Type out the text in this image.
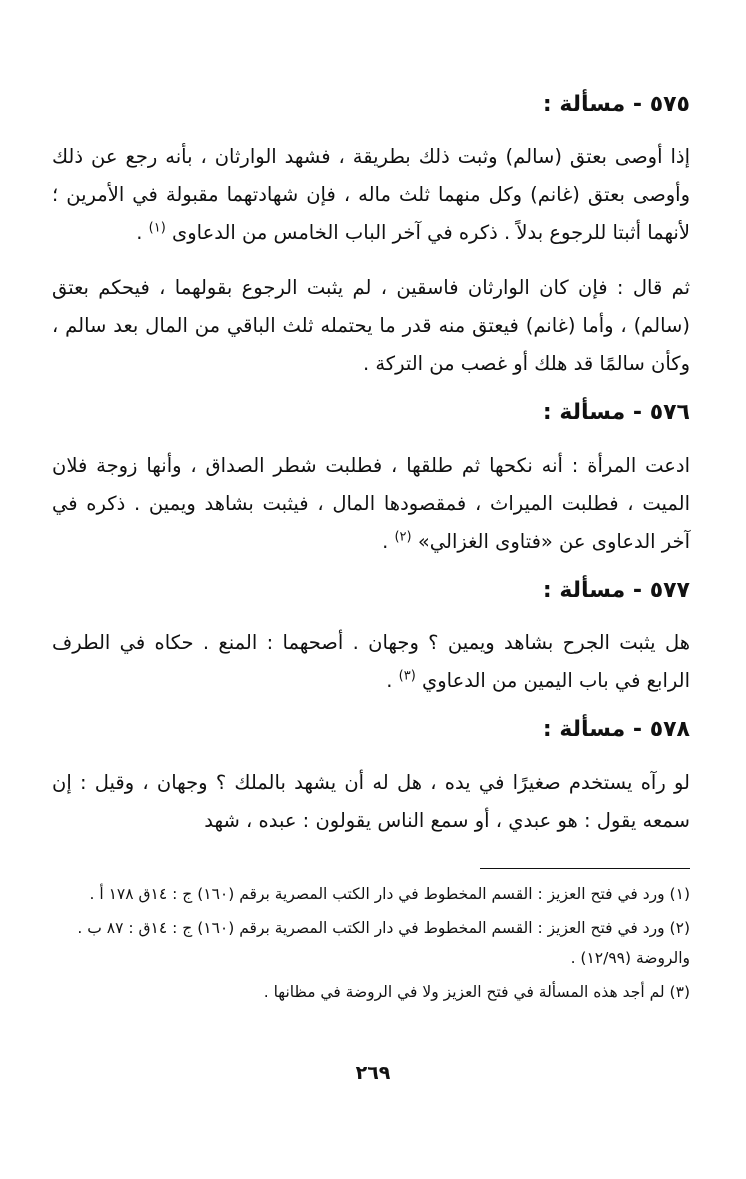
٥٧٥ - مسألة :

إذا أوصى بعتق (سالم) وثبت ذلك بطريقة ، فشهد الوارثان ، بأنه رجع عن ذلك وأوصى بعتق (غانم) وكل منهما ثلث ماله ، فإن شهادتهما مقبولة في الأمرين ؛ لأنهما أثبتا للرجوع بدلاً . ذكره في آخر الباب الخامس من الدعاوى $^{(١)}$ .

ثم قال : فإن كان الوارثان فاسقين ، لم يثبت الرجوع بقولهما ، فيحكم بعتق (سالم) ، وأما (غانم) فيعتق منه قدر ما يحتمله ثلث الباقي من المال بعد سالم ، وكأن سالمًا قد هلك أو غصب من التركة .

٥٧٦ - مسألة :

ادعت المرأة : أنه نكحها ثم طلقها ، فطلبت شطر الصداق ، وأنها زوجة فلان الميت ، فطلبت الميراث ، فمقصودها المال ، فيثبت بشاهد ويمين . ذكره في آخر الدعاوى عن «فتاوى الغزالي» $^{(٢)}$ .

٥٧٧ - مسألة :

هل يثبت الجرح بشاهد ويمين ؟ وجهان . أصحهما : المنع . حكاه في الطرف الرابع في باب اليمين من الدعاوي $^{(٣)}$ .

٥٧٨ - مسألة :

لو رآه يستخدم صغيرًا في يده ، هل له أن يشهد بالملك ؟ وجهان ، وقيل : إن سمعه يقول : هو عبدي ، أو سمع الناس يقولون : عبده ، شهد

(١) ورد في فتح العزيز : القسم المخطوط في دار الكتب المصرية برقم (١٦٠) ج : ١٤ق ١٧٨ أ .
(٢) ورد في فتح العزيز : القسم المخطوط في دار الكتب المصرية برقم (١٦٠) ج : ١٤ق : ٨٧ ب . والروضة (١٢/٩٩) .
(٣) لم أجد هذه المسألة في فتح العزيز ولا في الروضة في مظانها .
٢٦٩
